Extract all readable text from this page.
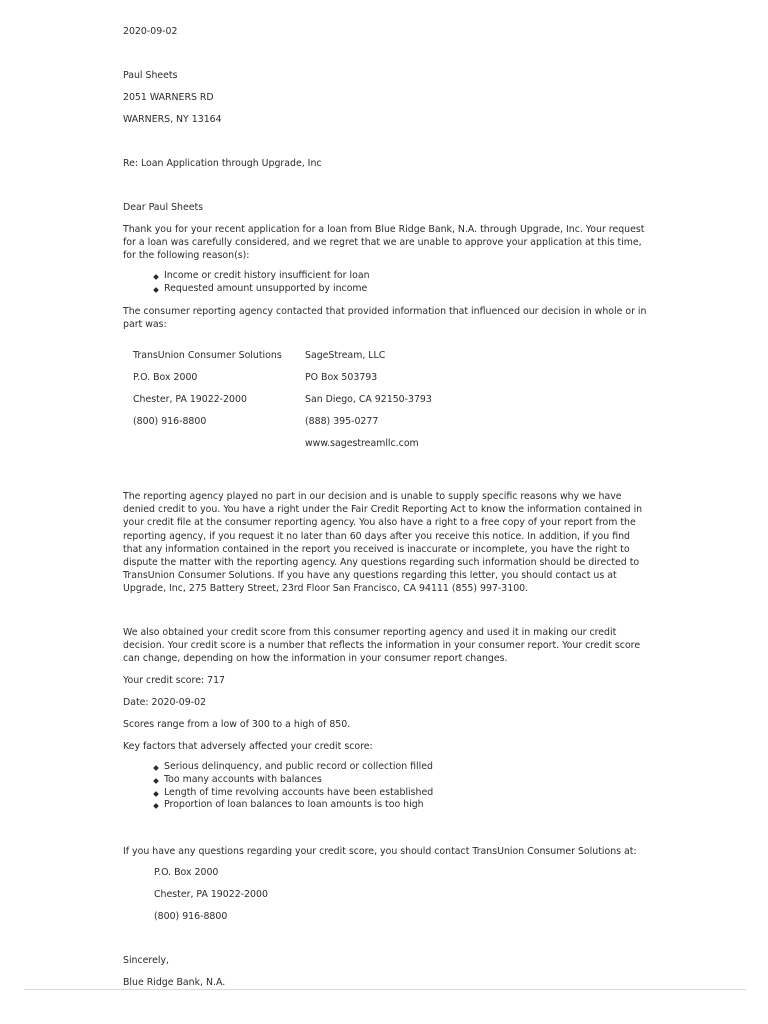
2020-09-02
Paul Sheets
2051 WARNERS RD
WARNERS, NY 13164
Re: Loan Application through Upgrade, Inc
Dear Paul Sheets
Thank you for your recent application for a loan from Blue Ridge Bank, N.A. through Upgrade, Inc. Your request for a loan was carefully considered, and we regret that we are unable to approve your application at this time, for the following reason(s):
Income or credit history insufficient for loan
Requested amount unsupported by income
The consumer reporting agency contacted that provided information that influenced our decision in whole or in part was:
TransUnion Consumer Solutions
P.O. Box 2000
Chester, PA 19022-2000
(800) 916-8800
SageStream, LLC
PO Box 503793
San Diego, CA 92150-3793
(888) 395-0277
www.sagestreamllc.com
The reporting agency played no part in our decision and is unable to supply specific reasons why we have denied credit to you. You have a right under the Fair Credit Reporting Act to know the information contained in your credit file at the consumer reporting agency. You also have a right to a free copy of your report from the reporting agency, if you request it no later than 60 days after you receive this notice. In addition, if you find that any information contained in the report you received is inaccurate or incomplete, you have the right to dispute the matter with the reporting agency. Any questions regarding such information should be directed to TransUnion Consumer Solutions. If you have any questions regarding this letter, you should contact us at Upgrade, Inc, 275 Battery Street, 23rd Floor San Francisco, CA 94111 (855) 997-3100.
We also obtained your credit score from this consumer reporting agency and used it in making our credit decision. Your credit score is a number that reflects the information in your consumer report. Your credit score can change, depending on how the information in your consumer report changes.
Your credit score: 717
Date: 2020-09-02
Scores range from a low of 300 to a high of 850.
Key factors that adversely affected your credit score:
Serious delinquency, and public record or collection filled
Too many accounts with balances
Length of time revolving accounts have been established
Proportion of loan balances to loan amounts is too high
If you have any questions regarding your credit score, you should contact TransUnion Consumer Solutions at:
P.O. Box 2000
Chester, PA 19022-2000
(800) 916-8800
Sincerely,
Blue Ridge Bank, N.A.
